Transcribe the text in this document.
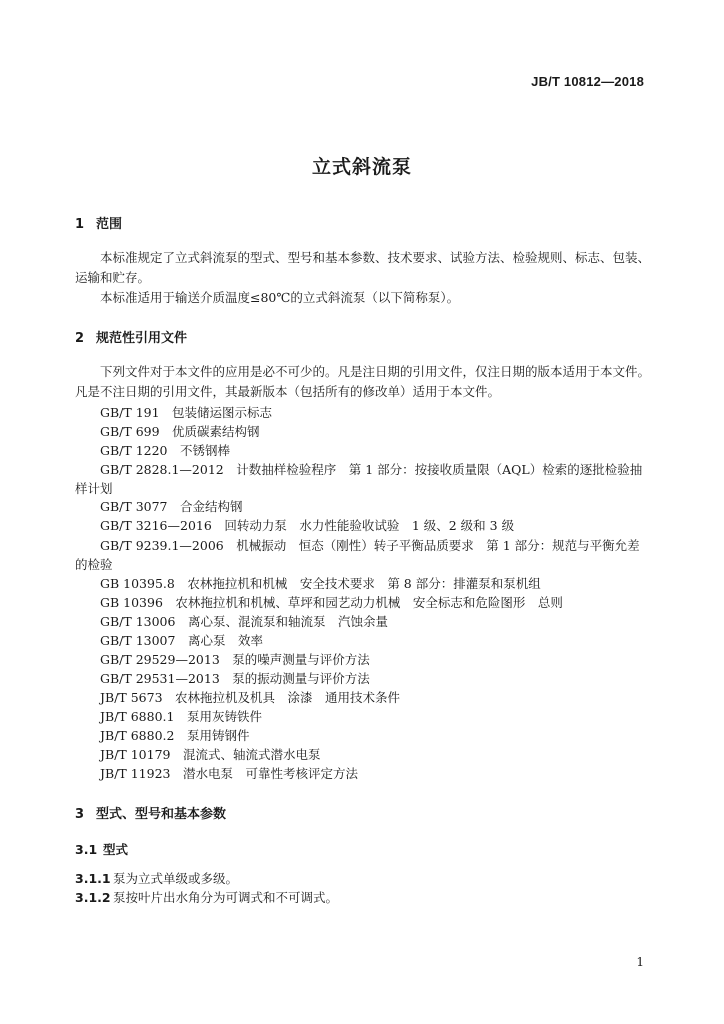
JB/T 10812—2018
立式斜流泵
1 范围
本标准规定了立式斜流泵的型式、型号和基本参数、技术要求、试验方法、检验规则、标志、包装、运输和贮存。
本标准适用于输送介质温度≤80℃的立式斜流泵（以下简称泵）。
2 规范性引用文件
下列文件对于本文件的应用是必不可少的。凡是注日期的引用文件，仅注日期的版本适用于本文件。凡是不注日期的引用文件，其最新版本（包括所有的修改单）适用于本文件。
GB/T 191　包装储运图示标志
GB/T 699　优质碳素结构钢
GB/T 1220　不锈钢棒
GB/T 2828.1—2012　计数抽样检验程序　第 1 部分：按接收质量限（AQL）检索的逐批检验抽样计划
GB/T 3077　合金结构钢
GB/T 3216—2016　回转动力泵　水力性能验收试验　1 级、2 级和 3 级
GB/T 9239.1—2006　机械振动　恒态（刚性）转子平衡品质要求　第 1 部分：规范与平衡允差的检验
GB 10395.8　农林拖拉机和机械　安全技术要求　第 8 部分：排灌泵和泵机组
GB 10396　农林拖拉机和机械、草坪和园艺动力机械　安全标志和危险图形　总则
GB/T 13006　离心泵、混流泵和轴流泵　汽蚀余量
GB/T 13007　离心泵　效率
GB/T 29529—2013　泵的噪声测量与评价方法
GB/T 29531—2013　泵的振动测量与评价方法
JB/T 5673　农林拖拉机及机具　涂漆　通用技术条件
JB/T 6880.1　泵用灰铸铁件
JB/T 6880.2　泵用铸钢件
JB/T 10179　混流式、轴流式潜水电泵
JB/T 11923　潜水电泵　可靠性考核评定方法
3 型式、型号和基本参数
3.1 型式
3.1.1 泵为立式单级或多级。
3.1.2 泵按叶片出水角分为可调式和不可调式。
1
